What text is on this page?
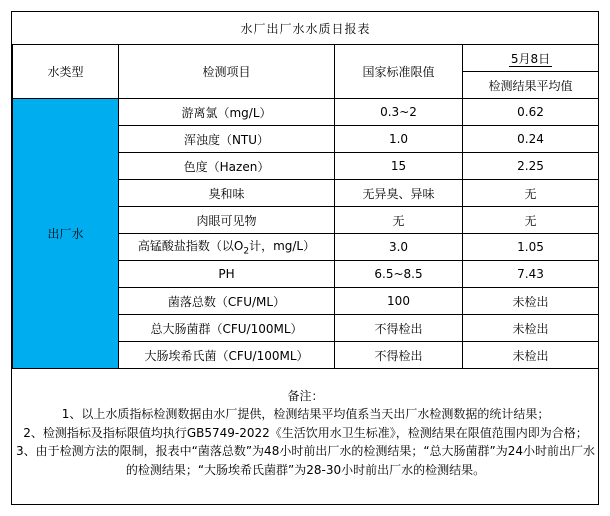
水厂出厂水水质日报表			
水类型	检测项目	国家标准限值	5月8日
			检测结果平均值
出厂水	游离氯（mg/L）	0.3~2	0.62
	浑浊度（NTU）	1.0	0.24
	色度（Hazen）	15	2.25
	臭和味	无异臭、异味	无
	肉眼可见物	无	无
	高锰酸盐指数（以$O_2$计，mg/L）	3.0	1.05
	PH	6.5~8.5	7.43
	菌落总数（CFU/ML）	100	未检出
	总大肠菌群（CFU/100ML）	不得检出	未检出
	大肠埃希氏菌（CFU/100ML）	不得检出	未检出

备注：

1、以上水质指标检测数据由水厂提供，检测结果平均值系当天出厂水检测数据的统计结果；

2、检测指标及指标限值均执行GB5749-2022《生活饮用水卫生标准》，检测结果在限值范围内即为合格；

3、由于检测方法的限制，报表中“菌落总数”为48小时前出厂水的检测结果；“总大肠菌群”为24小时前出厂水的检测结果；“大肠埃希氏菌群”为28-30小时前出厂水的检测结果。			
